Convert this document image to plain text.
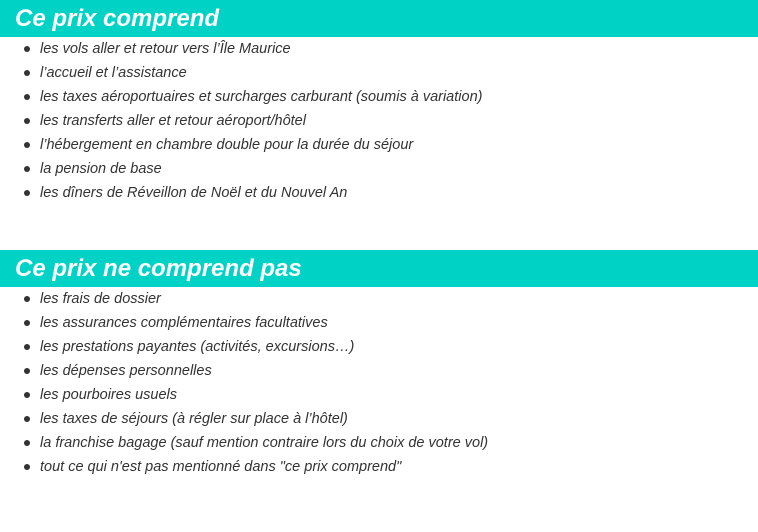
Ce prix comprend
les vols aller et retour vers l’Île Maurice
l’accueil et l’assistance
les taxes aéroportuaires et surcharges carburant (soumis à variation)
les transferts aller et retour aéroport/hôtel
l’hébergement en chambre double pour la durée du séjour
la pension de base
les dîners de Réveillon de Noël et du Nouvel An
Ce prix ne comprend pas
les frais de dossier
les assurances complémentaires facultatives
les prestations payantes (activités, excursions…)
les dépenses personnelles
les pourboires usuels
les taxes de séjours (à régler sur place à l’hôtel)
la franchise bagage (sauf mention contraire lors du choix de votre vol)
tout ce qui n'est pas mentionné dans "ce prix comprend"
